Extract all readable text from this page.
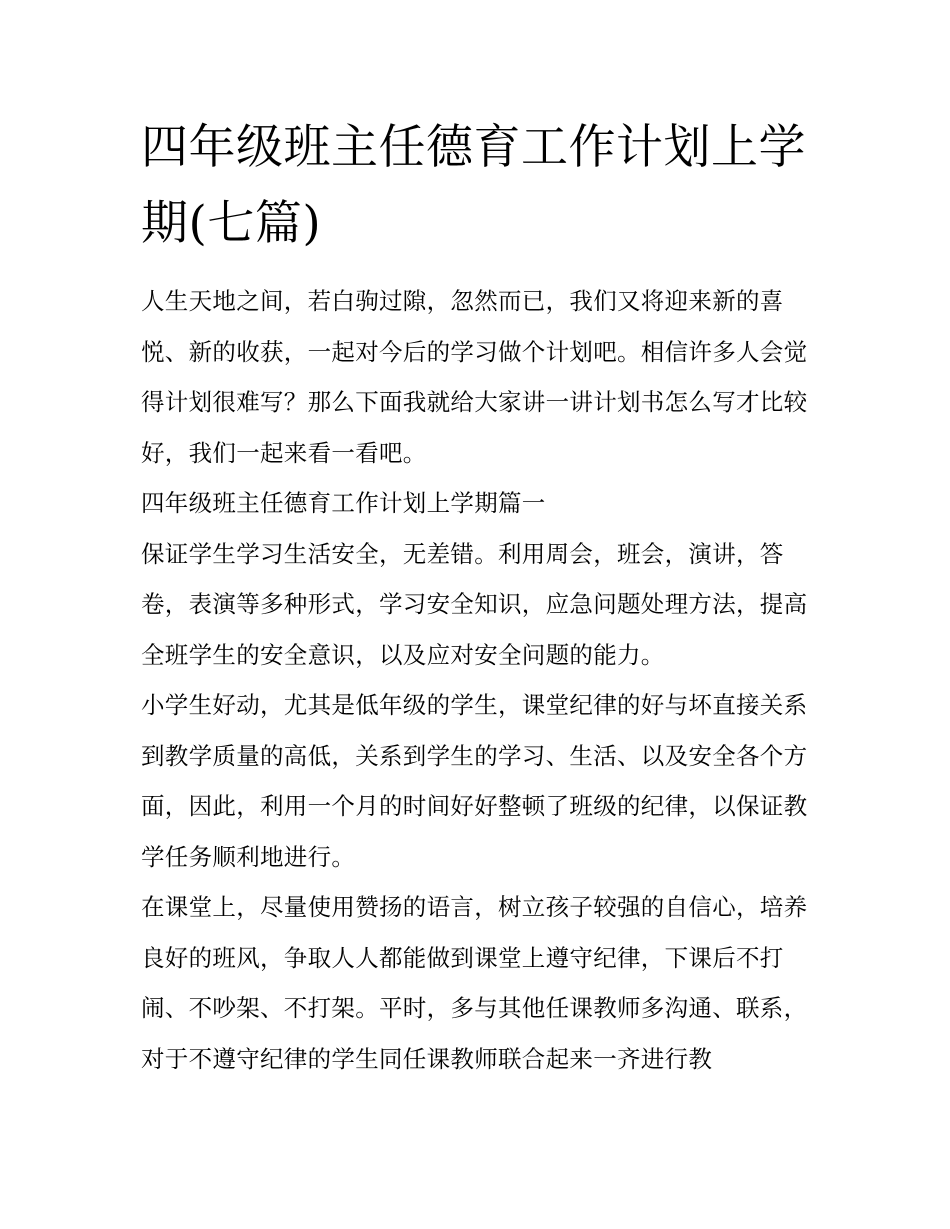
四年级班主任德育工作计划上学期(七篇)

人生天地之间，若白驹过隙，忽然而已，我们又将迎来新的喜悦、新的收获，一起对今后的学习做个计划吧。相信许多人会觉得计划很难写？那么下面我就给大家讲一讲计划书怎么写才比较好，我们一起来看一看吧。

四年级班主任德育工作计划上学期篇一

保证学生学习生活安全，无差错。利用周会，班会，演讲，答卷，表演等多种形式，学习安全知识，应急问题处理方法，提高全班学生的安全意识，以及应对安全问题的能力。

小学生好动，尤其是低年级的学生，课堂纪律的好与坏直接关系到教学质量的高低，关系到学生的学习、生活、以及安全各个方面，因此，利用一个月的时间好好整顿了班级的纪律，以保证教学任务顺利地进行。

在课堂上，尽量使用赞扬的语言，树立孩子较强的自信心，培养良好的班风，争取人人都能做到课堂上遵守纪律，下课后不打闹、不吵架、不打架。平时，多与其他任课教师多沟通、联系，对于不遵守纪律的学生同任课教师联合起来一齐进行教
